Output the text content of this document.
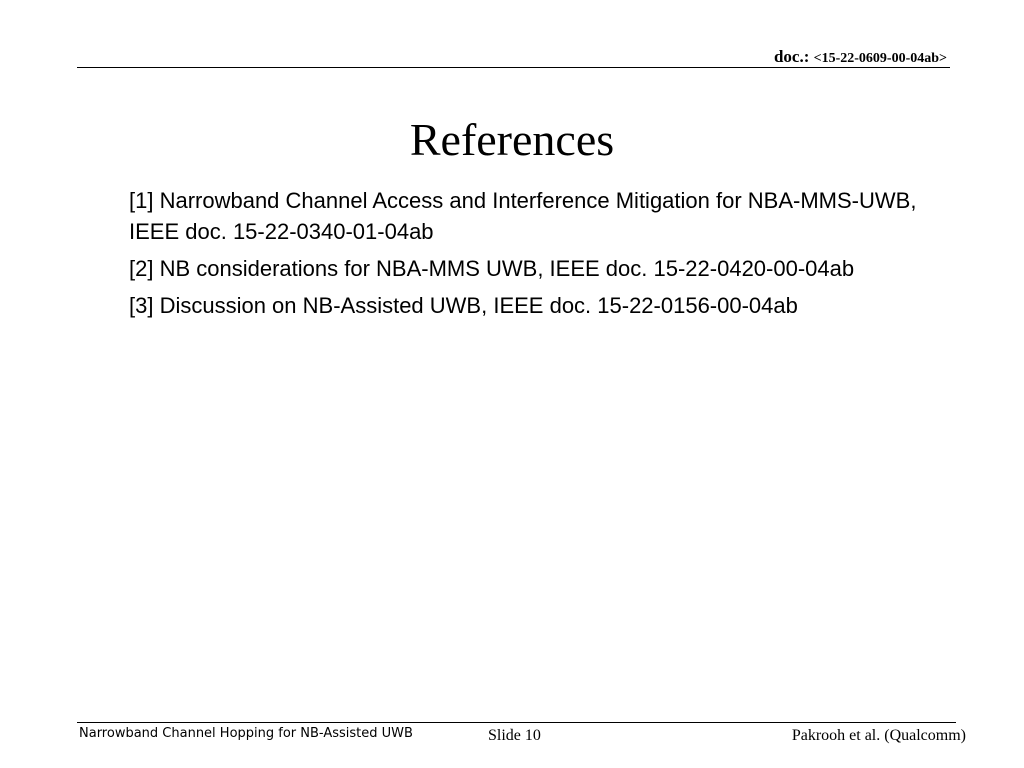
doc.: <15-22-0609-00-04ab>
References
[1] Narrowband Channel Access and Interference Mitigation for NBA-MMS-UWB, IEEE doc. 15-22-0340-01-04ab
[2] NB considerations for NBA-MMS UWB, IEEE doc. 15-22-0420-00-04ab
[3] Discussion on NB-Assisted UWB, IEEE doc. 15-22-0156-00-04ab
Narrowband Channel Hopping for NB-Assisted UWB	Slide 10	Pakrooh et al. (Qualcomm)
